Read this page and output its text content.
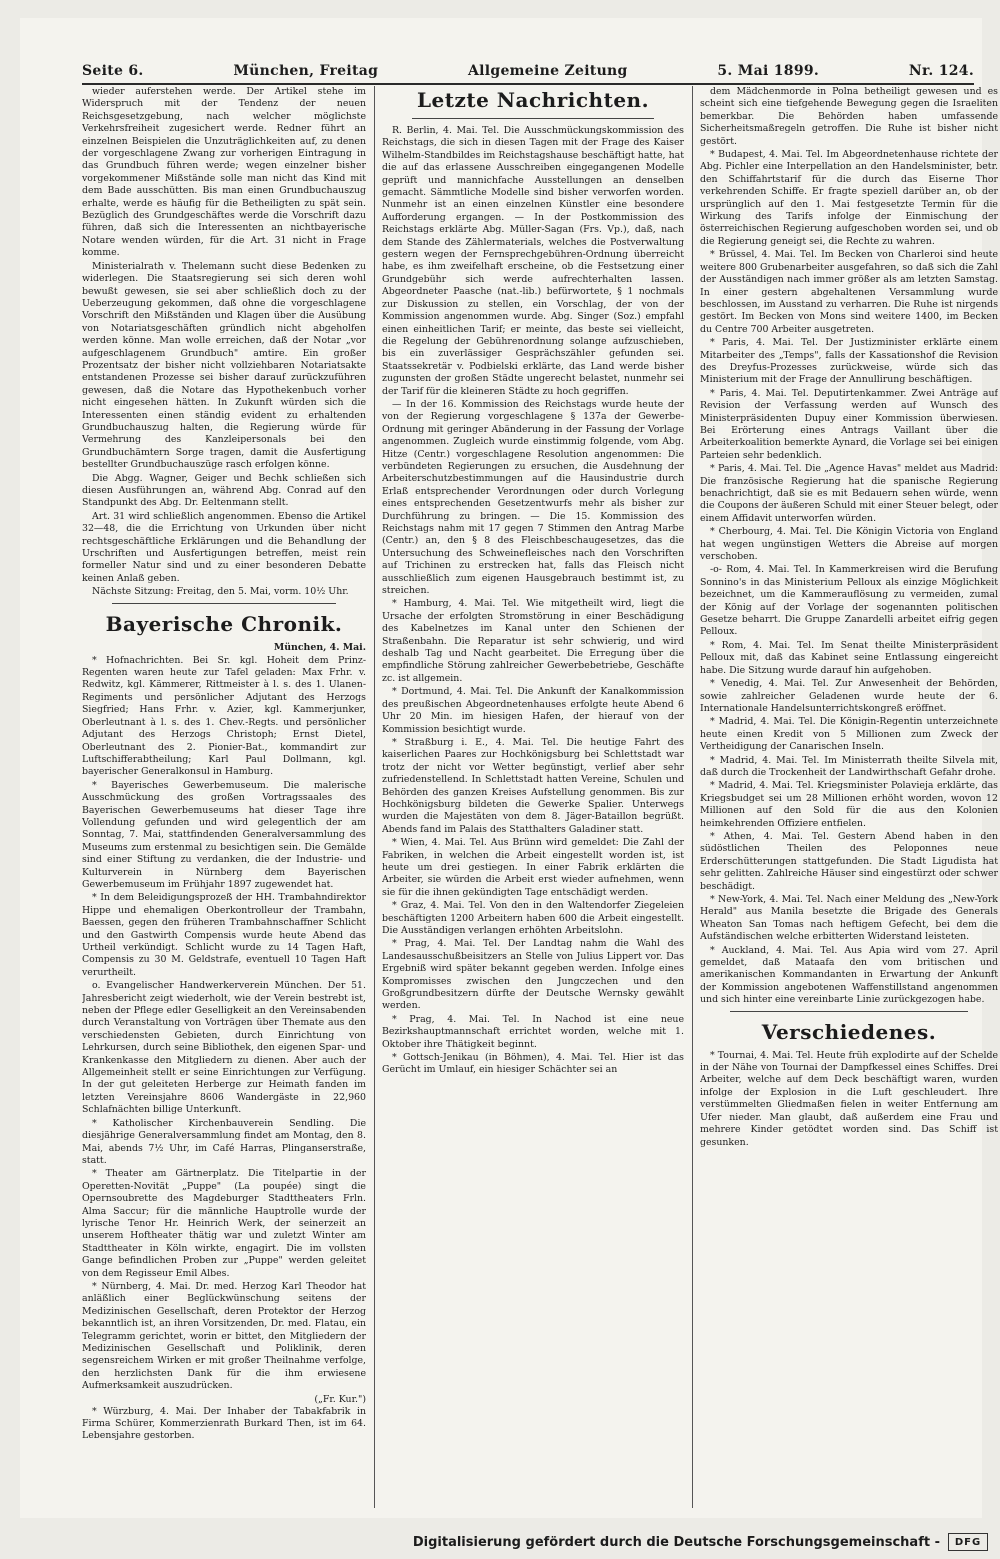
Seite 6.	München, Freitag	Allgemeine Zeitung	5. Mai 1899.	Nr. 124.

wieder auferstehen werde. Der Artikel stehe im Widerspruch mit der Tendenz der neuen Reichsgesetzgebung, nach welcher möglichste Verkehrsfreiheit zugesichert werde. Redner führt an einzelnen Beispielen die Unzuträglichkeiten auf, zu denen der vorgeschlagene Zwang zur vorherigen Eintragung in das Grundbuch führen werde; wegen einzelner bisher vorgekommener Mißstände solle man nicht das Kind mit dem Bade ausschütten. Bis man einen Grundbuchauszug erhalte, werde es häufig für die Betheiligten zu spät sein. Bezüglich des Grundgeschäftes werde die Vorschrift dazu führen, daß sich die Interessenten an nichtbayerische Notare wenden würden, für die Art. 31 nicht in Frage komme.

Ministerialrath v. Thelemann sucht diese Bedenken zu widerlegen. Die Staatsregierung sei sich deren wohl bewußt gewesen, sie sei aber schließlich doch zu der Ueberzeugung gekommen, daß ohne die vorgeschlagene Vorschrift den Mißständen und Klagen über die Ausübung von Notariatsgeschäften gründlich nicht abgeholfen werden könne. Man wolle erreichen, daß der Notar „vor aufgeschlagenem Grundbuch" amtire. Ein großer Prozentsatz der bisher nicht vollziehbaren Notariatsakte entstandenen Prozesse sei bisher darauf zurückzuführen gewesen, daß die Notare das Hypothekenbuch vorher nicht eingesehen hätten. In Zukunft würden sich die Interessenten einen ständig evident zu erhaltenden Grundbuchauszug halten, die Regierung würde für Vermehrung des Kanzleipersonals bei den Grundbuchämtern Sorge tragen, damit die Ausfertigung bestellter Grundbuchauszüge rasch erfolgen könne.

Die Abgg. Wagner, Geiger und Bechk schließen sich diesen Ausführungen an, während Abg. Conrad auf den Standpunkt des Abg. Dr. Eeltenmann stellt.

Art. 31 wird schließlich angenommen. Ebenso die Artikel 32—48, die die Errichtung von Urkunden über nicht rechtsgeschäftliche Erklärungen und die Behandlung der Urschriften und Ausfertigungen betreffen, meist rein formeller Natur sind und zu einer besonderen Debatte keinen Anlaß geben.

Nächste Sitzung: Freitag, den 5. Mai, vorm. 10½ Uhr.

Bayerische Chronik.
München, 4. Mai.

* Hofnachrichten. Bei Sr. kgl. Hoheit dem Prinz-Regenten waren heute zur Tafel geladen: Max Frhr. v. Redwitz, kgl. Kämmerer, Rittmeister à l. s. des 1. Ulanen-Regiments und persönlicher Adjutant des Herzogs Siegfried; Hans Frhr. v. Azier, kgl. Kammerjunker, Oberleutnant à l. s. des 1. Chev.-Regts. und persönlicher Adjutant des Herzogs Christoph; Ernst Dietel, Oberleutnant des 2. Pionier-Bat., kommandirt zur Luftschifferabtheilung; Karl Paul Dollmann, kgl. bayerischer Generalkonsul in Hamburg.

* Bayerisches Gewerbemuseum. Die malerische Ausschmückung des großen Vortragssaales des Bayerischen Gewerbemuseums hat dieser Tage ihre Vollendung gefunden und wird gelegentlich der am Sonntag, 7. Mai, stattfindenden Generalversammlung des Museums zum erstenmal zu besichtigen sein. Die Gemälde sind einer Stiftung zu verdanken, die der Industrie- und Kulturverein in Nürnberg dem Bayerischen Gewerbemuseum im Frühjahr 1897 zugewendet hat.

* In dem Beleidigungsprozeß der HH. Trambahndirektor Hippe und ehemaligen Oberkontrolleur der Trambahn, Baessen, gegen den früheren Trambahnschaffner Schlicht und den Gastwirth Compensis wurde heute Abend das Urtheil verkündigt. Schlicht wurde zu 14 Tagen Haft, Compensis zu 30 M. Geldstrafe, eventuell 10 Tagen Haft verurtheilt.

o. Evangelischer Handwerkerverein München. Der 51. Jahresbericht zeigt wiederholt, wie der Verein bestrebt ist, neben der Pflege edler Geselligkeit an den Vereinsabenden durch Veranstaltung von Vorträgen über Themate aus den verschiedensten Gebieten, durch Einrichtung von Lehrkursen, durch seine Bibliothek, den eigenen Spar- und Krankenkasse den Mitgliedern zu dienen. Aber auch der Allgemeinheit stellt er seine Einrichtungen zur Verfügung. In der gut geleiteten Herberge zur Heimath fanden im letzten Vereinsjahre 8606 Wandergäste in 22,960 Schlafnächten billige Unterkunft.

* Katholischer Kirchenbauverein Sendling. Die diesjährige Generalversammlung findet am Montag, den 8. Mai, abends 7½ Uhr, im Café Harras, Plinganserstraße, statt.

* Theater am Gärtnerplatz. Die Titelpartie in der Operetten-Novität „Puppe" (La poupée) singt die Opernsoubrette des Magdeburger Stadttheaters Frln. Alma Saccur; für die männliche Hauptrolle wurde der lyrische Tenor Hr. Heinrich Werk, der seinerzeit an unserem Hoftheater thätig war und zuletzt Winter am Stadttheater in Köln wirkte, engagirt. Die im vollsten Gange befindlichen Proben zur „Puppe" werden geleitet von dem Regisseur Emil Albes.

* Nürnberg, 4. Mai. Dr. med. Herzog Karl Theodor hat anläßlich einer Beglückwünschung seitens der Medizinischen Gesellschaft, deren Protektor der Herzog bekanntlich ist, an ihren Vorsitzenden, Dr. med. Flatau, ein Telegramm gerichtet, worin er bittet, den Mitgliedern der Medizinischen Gesellschaft und Poliklinik, deren segensreichem Wirken er mit großer Theilnahme verfolge, den herzlichsten Dank für die ihm erwiesene Aufmerksamkeit auszudrücken.

(„Fr. Kur.")

* Würzburg, 4. Mai. Der Inhaber der Tabakfabrik in Firma Schürer, Kommerzienrath Burkard Then, ist im 64. Lebensjahre gestorben.

Letzte Nachrichten.

R. Berlin, 4. Mai. Tel. Die Ausschmückungskommission des Reichstags, die sich in diesen Tagen mit der Frage des Kaiser Wilhelm-Standbildes im Reichstagshause beschäftigt hatte, hat die auf das erlassene Ausschreiben eingegangenen Modelle geprüft und mannichfache Ausstellungen an denselben gemacht. Sämmtliche Modelle sind bisher verworfen worden. Nunmehr ist an einen einzelnen Künstler eine besondere Aufforderung ergangen. — In der Postkommission des Reichstags erklärte Abg. Müller-Sagan (Frs. Vp.), daß, nach dem Stande des Zählermaterials, welches die Postverwaltung gestern wegen der Fernsprechgebühren-Ordnung überreicht habe, es ihm zweifelhaft erscheine, ob die Festsetzung einer Grundgebühr sich werde aufrechterhalten lassen. Abgeordneter Paasche (nat.-lib.) befürwortete, § 1 nochmals zur Diskussion zu stellen, ein Vorschlag, der von der Kommission angenommen wurde. Abg. Singer (Soz.) empfahl einen einheitlichen Tarif; er meinte, das beste sei vielleicht, die Regelung der Gebührenordnung solange aufzuschieben, bis ein zuverlässiger Gesprächszähler gefunden sei. Staatssekretär v. Podbielski erklärte, das Land werde bisher zugunsten der großen Städte ungerecht belastet, nunmehr sei der Tarif für die kleineren Städte zu hoch gegriffen.

— In der 16. Kommission des Reichstags wurde heute der von der Regierung vorgeschlagene § 137a der Gewerbe-Ordnung mit geringer Abänderung in der Fassung der Vorlage angenommen. Zugleich wurde einstimmig folgende, vom Abg. Hitze (Centr.) vorgeschlagene Resolution angenommen: Die verbündeten Regierungen zu ersuchen, die Ausdehnung der Arbeiterschutzbestimmungen auf die Hausindustrie durch Erlaß entsprechender Verordnungen oder durch Vorlegung eines entsprechenden Gesetzentwurfs mehr als bisher zur Durchführung zu bringen. — Die 15. Kommission des Reichstags nahm mit 17 gegen 7 Stimmen den Antrag Marbe (Centr.) an, den § 8 des Fleischbeschaugesetzes, das die Untersuchung des Schweinefleisches nach den Vorschriften auf Trichinen zu erstrecken hat, falls das Fleisch nicht ausschließlich zum eigenen Hausgebrauch bestimmt ist, zu streichen.

* Hamburg, 4. Mai. Tel. Wie mitgetheilt wird, liegt die Ursache der erfolgten Stromstörung in einer Beschädigung des Kabelnetzes im Kanal unter den Schienen der Straßenbahn. Die Reparatur ist sehr schwierig, und wird deshalb Tag und Nacht gearbeitet. Die Erregung über die empfindliche Störung zahlreicher Gewerbebetriebe, Geschäfte zc. ist allgemein.

* Dortmund, 4. Mai. Tel. Die Ankunft der Kanalkommission des preußischen Abgeordnetenhauses erfolgte heute Abend 6 Uhr 20 Min. im hiesigen Hafen, der hierauf von der Kommission besichtigt wurde.

* Straßburg i. E., 4. Mai. Tel. Die heutige Fahrt des kaiserlichen Paares zur Hochkönigsburg bei Schlettstadt war trotz der nicht vor Wetter begünstigt, verlief aber sehr zufriedenstellend. In Schlettstadt hatten Vereine, Schulen und Behörden des ganzen Kreises Aufstellung genommen. Bis zur Hochkönigsburg bildeten die Gewerke Spalier. Unterwegs wurden die Majestäten von dem 8. Jäger-Bataillon begrüßt. Abends fand im Palais des Statthalters Galadiner statt.

* Wien, 4. Mai. Tel. Aus Brünn wird gemeldet: Die Zahl der Fabriken, in welchen die Arbeit eingestellt worden ist, ist heute um drei gestiegen. In einer Fabrik erklärten die Arbeiter, sie würden die Arbeit erst wieder aufnehmen, wenn sie für die ihnen gekündigten Tage entschädigt werden.

* Graz, 4. Mai. Tel. Von den in den Waltendorfer Ziegeleien beschäftigten 1200 Arbeitern haben 600 die Arbeit eingestellt. Die Ausständigen verlangen erhöhten Arbeitslohn.

* Prag, 4. Mai. Tel. Der Landtag nahm die Wahl des Landesausschußbeisitzers an Stelle von Julius Lippert vor. Das Ergebniß wird später bekannt gegeben werden. Infolge eines Kompromisses zwischen den Jungczechen und den Großgrundbesitzern dürfte der Deutsche Wernsky gewählt werden.

* Prag, 4. Mai. Tel. In Nachod ist eine neue Bezirkshauptmannschaft errichtet worden, welche mit 1. Oktober ihre Thätigkeit beginnt.

* Gottsch-Jenikau (in Böhmen), 4. Mai. Tel. Hier ist das Gerücht im Umlauf, ein hiesiger Schächter sei an

dem Mädchenmorde in Polna betheiligt gewesen und es scheint sich eine tiefgehende Bewegung gegen die Israeliten bemerkbar. Die Behörden haben umfassende Sicherheitsmaßregeln getroffen. Die Ruhe ist bisher nicht gestört.

* Budapest, 4. Mai. Tel. Im Abgeordnetenhause richtete der Abg. Pichler eine Interpellation an den Handelsminister, betr. den Schiffahrtstarif für die durch das Eiserne Thor verkehrenden Schiffe. Er fragte speziell darüber an, ob der ursprünglich auf den 1. Mai festgesetzte Termin für die Wirkung des Tarifs infolge der Einmischung der österreichischen Regierung aufgeschoben worden sei, und ob die Regierung geneigt sei, die Rechte zu wahren.

* Brüssel, 4. Mai. Tel. Im Becken von Charleroi sind heute weitere 800 Grubenarbeiter ausgefahren, so daß sich die Zahl der Ausständigen nach immer größer als am letzten Samstag. In einer gestern abgehaltenen Versammlung wurde beschlossen, im Ausstand zu verharren. Die Ruhe ist nirgends gestört. Im Becken von Mons sind weitere 1400, im Becken du Centre 700 Arbeiter ausgetreten.

* Paris, 4. Mai. Tel. Der Justizminister erklärte einem Mitarbeiter des „Temps", falls der Kassationshof die Revision des Dreyfus-Prozesses zurückweise, würde sich das Ministerium mit der Frage der Annullirung beschäftigen.

* Paris, 4. Mai. Tel. Deputirtenkammer. Zwei Anträge auf Revision der Verfassung werden auf Wunsch des Ministerpräsidenten Dupuy einer Kommission überwiesen. Bei Erörterung eines Antrags Vaillant über die Arbeiterkoalition bemerkte Aynard, die Vorlage sei bei einigen Parteien sehr bedenklich.

* Paris, 4. Mai. Tel. Die „Agence Havas" meldet aus Madrid: Die französische Regierung hat die spanische Regierung benachrichtigt, daß sie es mit Bedauern sehen würde, wenn die Coupons der äußeren Schuld mit einer Steuer belegt, oder einem Affidavit unterworfen würden.

* Cherbourg, 4. Mai. Tel. Die Königin Victoria von England hat wegen ungünstigen Wetters die Abreise auf morgen verschoben.

-o- Rom, 4. Mai. Tel. In Kammerkreisen wird die Berufung Sonnino's in das Ministerium Pelloux als einzige Möglichkeit bezeichnet, um die Kammerauflösung zu vermeiden, zumal der König auf der Vorlage der sogenannten politischen Gesetze beharrt. Die Gruppe Zanardelli arbeitet eifrig gegen Pelloux.

* Rom, 4. Mai. Tel. Im Senat theilte Ministerpräsident Pelloux mit, daß das Kabinet seine Entlassung eingereicht habe. Die Sitzung wurde darauf hin aufgehoben.

* Venedig, 4. Mai. Tel. Zur Anwesenheit der Behörden, sowie zahlreicher Geladenen wurde heute der 6. Internationale Handelsunterrichtskongreß eröffnet.

* Madrid, 4. Mai. Tel. Die Königin-Regentin unterzeichnete heute einen Kredit von 5 Millionen zum Zweck der Vertheidigung der Canarischen Inseln.

* Madrid, 4. Mai. Tel. Im Ministerrath theilte Silvela mit, daß durch die Trockenheit der Landwirthschaft Gefahr drohe.

* Madrid, 4. Mai. Tel. Kriegsminister Polavieja erklärte, das Kriegsbudget sei um 28 Millionen erhöht worden, wovon 12 Millionen auf den Sold für die aus den Kolonien heimkehrenden Offiziere entfielen.

* Athen, 4. Mai. Tel. Gestern Abend haben in den südöstlichen Theilen des Peloponnes neue Erderschütterungen stattgefunden. Die Stadt Ligudista hat sehr gelitten. Zahlreiche Häuser sind eingestürzt oder schwer beschädigt.

* New-York, 4. Mai. Tel. Nach einer Meldung des „New-York Herald" aus Manila besetzte die Brigade des Generals Wheaton San Tomas nach heftigem Gefecht, bei dem die Aufständischen welche erbitterten Widerstand leisteten.

* Auckland, 4. Mai. Tel. Aus Apia wird vom 27. April gemeldet, daß Mataafa den vom britischen und amerikanischen Kommandanten in Erwartung der Ankunft der Kommission angebotenen Waffenstillstand angenommen und sich hinter eine vereinbarte Linie zurückgezogen habe.

Verschiedenes.

* Tournai, 4. Mai. Tel. Heute früh explodirte auf der Schelde in der Nähe von Tournai der Dampfkessel eines Schiffes. Drei Arbeiter, welche auf dem Deck beschäftigt waren, wurden infolge der Explosion in die Luft geschleudert. Ihre verstümmelten Gliedmaßen fielen in weiter Entfernung am Ufer nieder. Man glaubt, daß außerdem eine Frau und mehrere Kinder getödtet worden sind. Das Schiff ist gesunken.

Digitalisierung gefördert durch die Deutsche Forschungsgemeinschaft -	DFG
